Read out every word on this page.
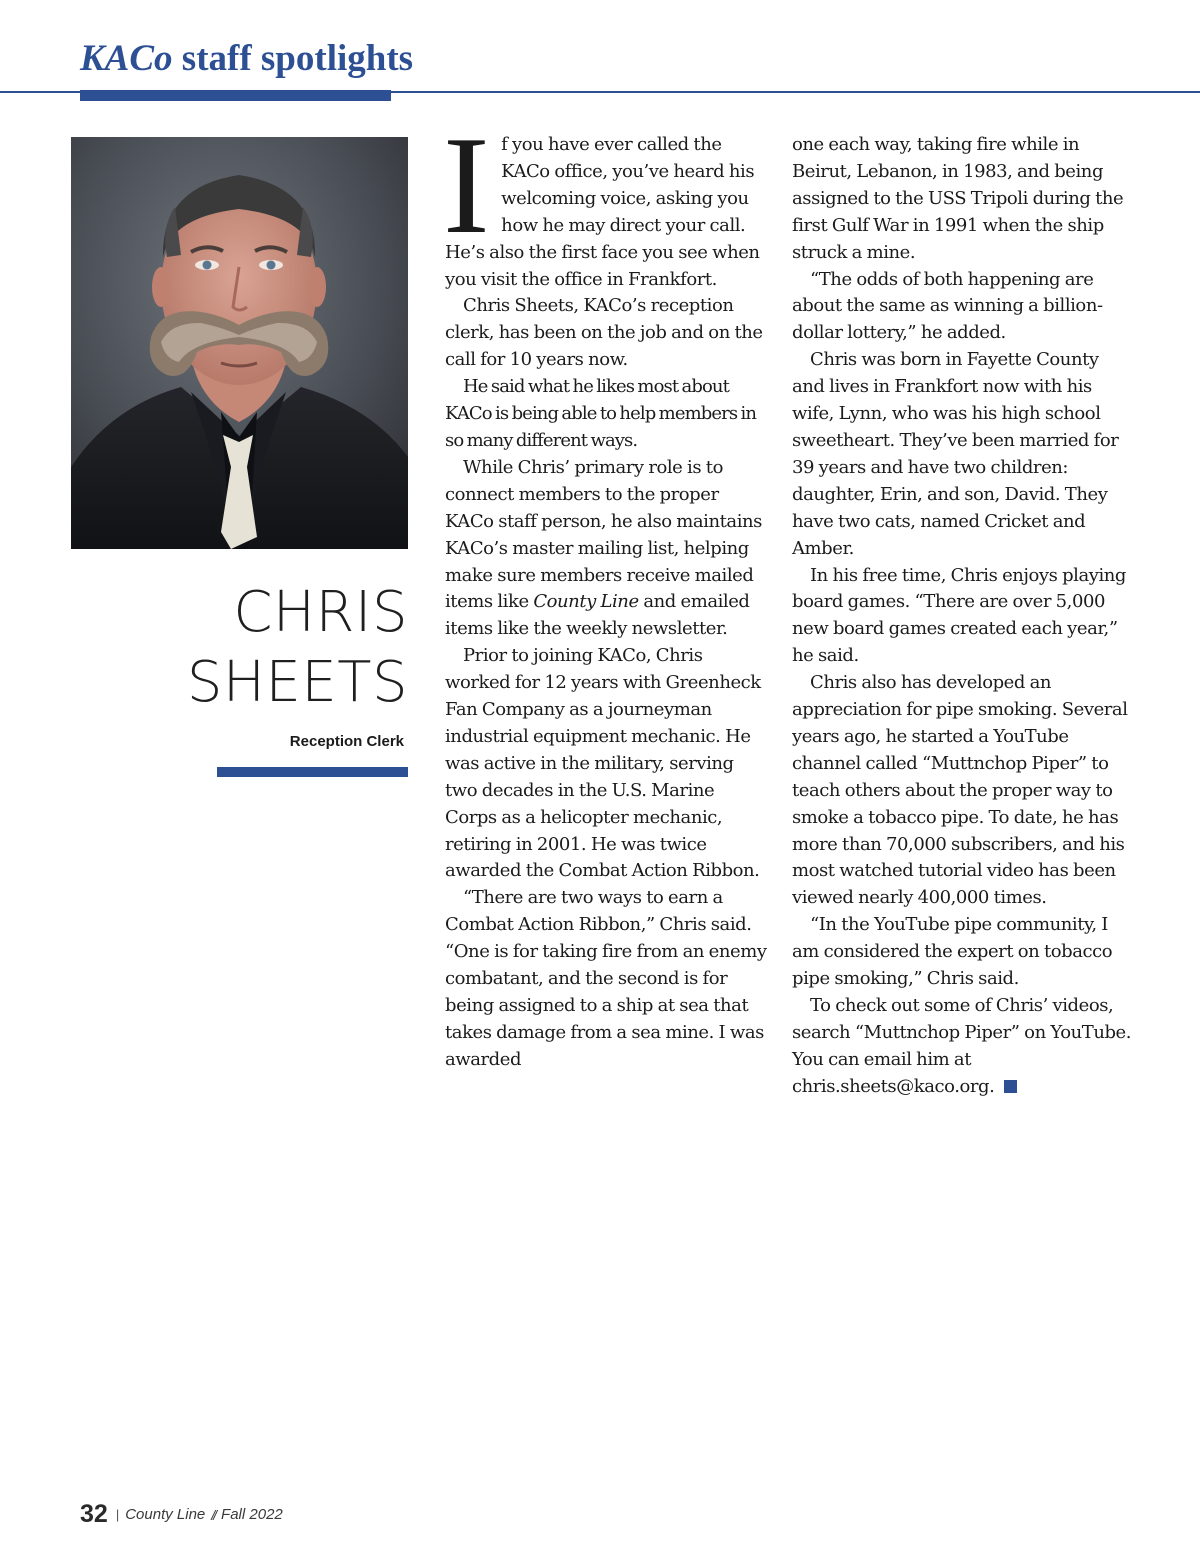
KACo staff spotlights
CHRIS
SHEETS
Reception Clerk

If you have ever called the KACo office, you’ve heard his welcoming voice, asking you how he may direct your call. He’s also the first face you see when you visit the office in Frankfort.

Chris Sheets, KACo’s reception clerk, has been on the job and on the call for 10 years now.

He said what he likes most about KACo is being able to help members in so many different ways.

While Chris’ primary role is to connect members to the proper KACo staff person, he also maintains KACo’s master mailing list, helping make sure members receive mailed items like County Line and emailed items like the weekly newsletter.

Prior to joining KACo, Chris worked for 12 years with Greenheck Fan Company as a journeyman industrial equipment mechanic. He was active in the military, serving two decades in the U.S. Marine Corps as a helicopter mechanic, retiring in 2001. He was twice awarded the Combat Action Ribbon.

“There are two ways to earn a Combat Action Ribbon,” Chris said. “One is for taking fire from an enemy combatant, and the second is for being assigned to a ship at sea that takes damage from a sea mine. I was awarded

one each way, taking fire while in Beirut, Lebanon, in 1983, and being assigned to the USS Tripoli during the first Gulf War in 1991 when the ship struck a mine.

“The odds of both happening are about the same as winning a billion-dollar lottery,” he added.

Chris was born in Fayette County and lives in Frankfort now with his wife, Lynn, who was his high school sweetheart. They’ve been married for 39 years and have two children: daughter, Erin, and son, David. They have two cats, named Cricket and Amber.

In his free time, Chris enjoys playing board games. “There are over 5,000 new board games created each year,” he said.

Chris also has developed an appreciation for pipe smoking. Several years ago, he started a YouTube channel called “Muttnchop Piper” to teach others about the proper way to smoke a tobacco pipe. To date, he has more than 70,000 subscribers, and his most watched tutorial video has been viewed nearly 400,000 times.

“In the YouTube pipe community, I am considered the expert on tobacco pipe smoking,” Chris said.

To check out some of Chris’ videos, search “Muttnchop Piper” on YouTube. You can email him at chris.sheets@kaco.org.

32 | County Line // Fall 2022
